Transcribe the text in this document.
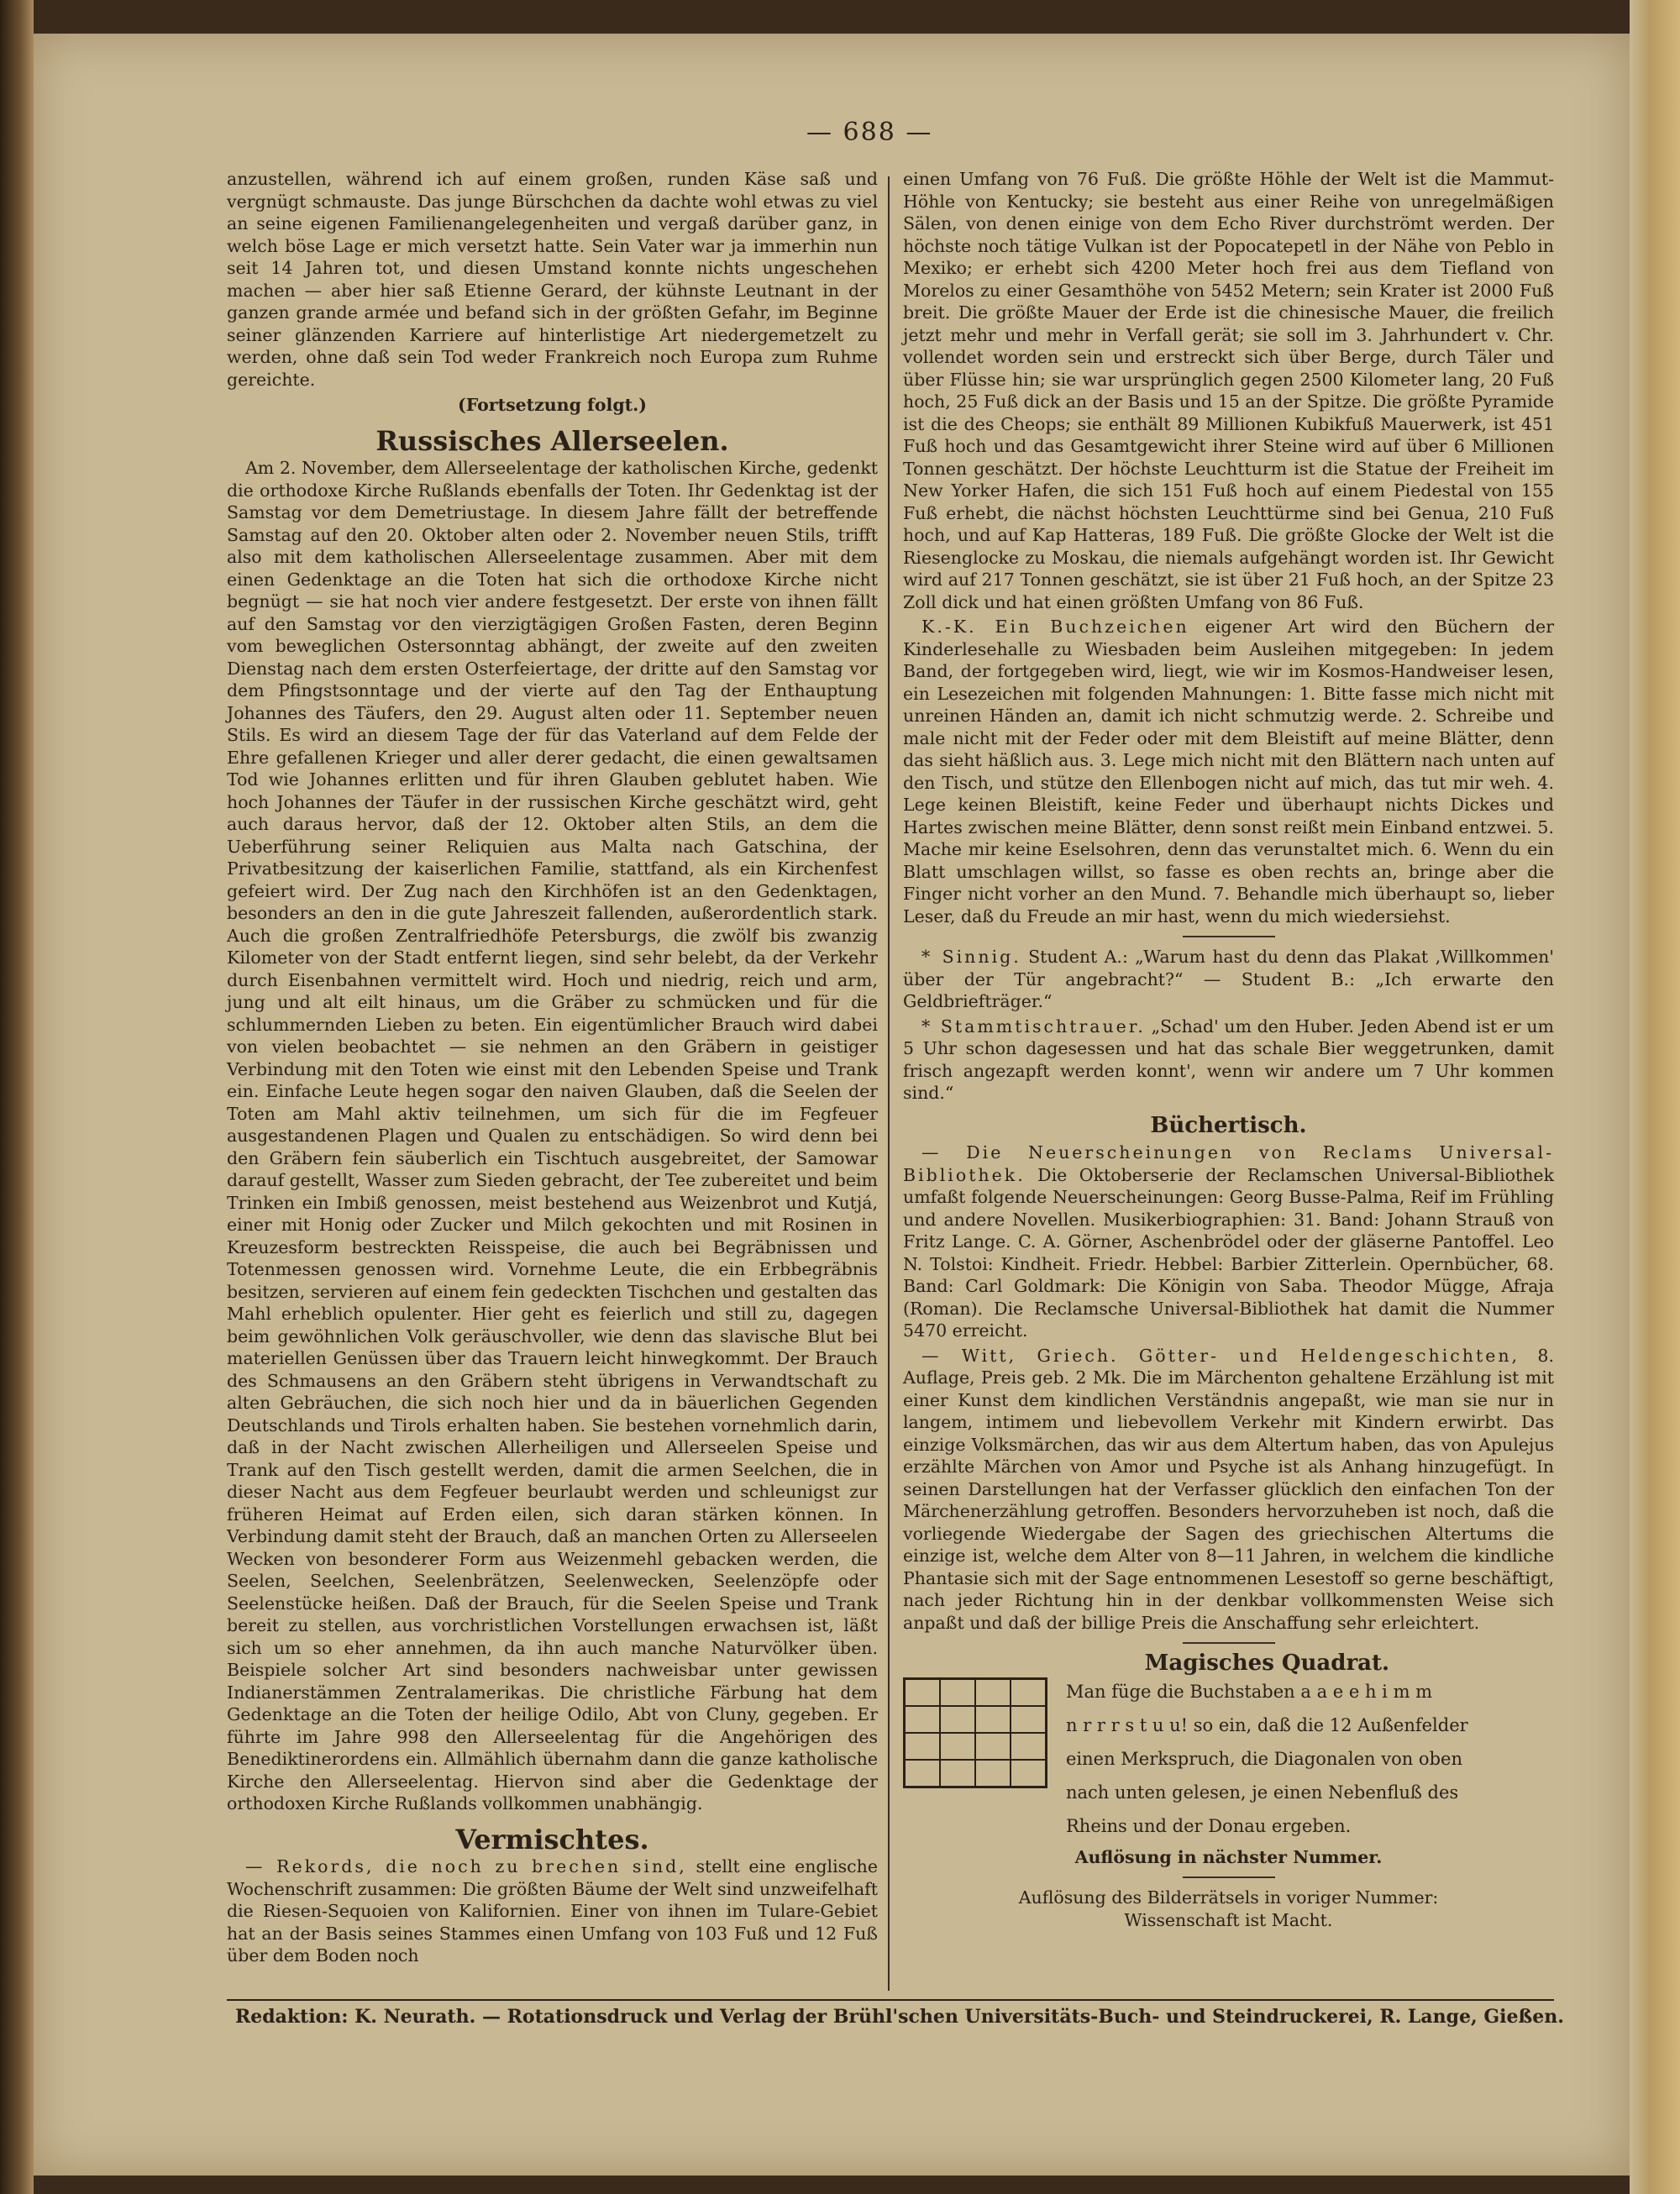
— 688 —

anzustellen, während ich auf einem großen, runden Käse saß und vergnügt schmauste. Das junge Bürschchen da dachte wohl etwas zu viel an seine eigenen Familienangelegenheiten und vergaß darüber ganz, in welch böse Lage er mich versetzt hatte. Sein Vater war ja immerhin nun seit 14 Jahren tot, und diesen Umstand konnte nichts ungeschehen machen — aber hier saß Etienne Gerard, der kühnste Leutnant in der ganzen grande armée und befand sich in der größten Gefahr, im Beginne seiner glänzenden Karriere auf hinterlistige Art niedergemetzelt zu werden, ohne daß sein Tod weder Frankreich noch Europa zum Ruhme gereichte.

(Fortsetzung folgt.)
Russisches Allerseelen.

Am 2. November, dem Allerseelentage der katholischen Kirche, gedenkt die orthodoxe Kirche Rußlands ebenfalls der Toten. Ihr Gedenktag ist der Samstag vor dem Demetriustage. In diesem Jahre fällt der betreffende Samstag auf den 20. Oktober alten oder 2. November neuen Stils, trifft also mit dem katholischen Allerseelentage zusammen. Aber mit dem einen Gedenktage an die Toten hat sich die orthodoxe Kirche nicht begnügt — sie hat noch vier andere festgesetzt. Der erste von ihnen fällt auf den Samstag vor den vierzigtägigen Großen Fasten, deren Beginn vom beweglichen Ostersonntag abhängt, der zweite auf den zweiten Dienstag nach dem ersten Osterfeiertage, der dritte auf den Samstag vor dem Pfingstsonntage und der vierte auf den Tag der Enthauptung Johannes des Täufers, den 29. August alten oder 11. September neuen Stils. Es wird an diesem Tage der für das Vaterland auf dem Felde der Ehre gefallenen Krieger und aller derer gedacht, die einen gewaltsamen Tod wie Johannes erlitten und für ihren Glauben geblutet haben. Wie hoch Johannes der Täufer in der russischen Kirche geschätzt wird, geht auch daraus hervor, daß der 12. Oktober alten Stils, an dem die Ueberführung seiner Reliquien aus Malta nach Gatschina, der Privatbesitzung der kaiserlichen Familie, stattfand, als ein Kirchenfest gefeiert wird. Der Zug nach den Kirchhöfen ist an den Gedenktagen, besonders an den in die gute Jahreszeit fallenden, außerordentlich stark. Auch die großen Zentralfriedhöfe Petersburgs, die zwölf bis zwanzig Kilometer von der Stadt entfernt liegen, sind sehr belebt, da der Verkehr durch Eisenbahnen vermittelt wird. Hoch und niedrig, reich und arm, jung und alt eilt hinaus, um die Gräber zu schmücken und für die schlummernden Lieben zu beten. Ein eigentümlicher Brauch wird dabei von vielen beobachtet — sie nehmen an den Gräbern in geistiger Verbindung mit den Toten wie einst mit den Lebenden Speise und Trank ein. Einfache Leute hegen sogar den naiven Glauben, daß die Seelen der Toten am Mahl aktiv teilnehmen, um sich für die im Fegfeuer ausgestandenen Plagen und Qualen zu entschädigen. So wird denn bei den Gräbern fein säuberlich ein Tischtuch ausgebreitet, der Samowar darauf gestellt, Wasser zum Sieden gebracht, der Tee zubereitet und beim Trinken ein Imbiß genossen, meist bestehend aus Weizenbrot und Kutjá, einer mit Honig oder Zucker und Milch gekochten und mit Rosinen in Kreuzesform bestreckten Reisspeise, die auch bei Begräbnissen und Totenmessen genossen wird. Vornehme Leute, die ein Erbbegräbnis besitzen, servieren auf einem fein gedeckten Tischchen und gestalten das Mahl erheblich opulenter. Hier geht es feierlich und still zu, dagegen beim gewöhnlichen Volk geräuschvoller, wie denn das slavische Blut bei materiellen Genüssen über das Trauern leicht hinwegkommt. Der Brauch des Schmausens an den Gräbern steht übrigens in Verwandtschaft zu alten Gebräuchen, die sich noch hier und da in bäuerlichen Gegenden Deutschlands und Tirols erhalten haben. Sie bestehen vornehmlich darin, daß in der Nacht zwischen Allerheiligen und Allerseelen Speise und Trank auf den Tisch gestellt werden, damit die armen Seelchen, die in dieser Nacht aus dem Fegfeuer beurlaubt werden und schleunigst zur früheren Heimat auf Erden eilen, sich daran stärken können. In Verbindung damit steht der Brauch, daß an manchen Orten zu Allerseelen Wecken von besonderer Form aus Weizenmehl gebacken werden, die Seelen, Seelchen, Seelenbrätzen, Seelenwecken, Seelenzöpfe oder Seelenstücke heißen. Daß der Brauch, für die Seelen Speise und Trank bereit zu stellen, aus vorchristlichen Vorstellungen erwachsen ist, läßt sich um so eher annehmen, da ihn auch manche Naturvölker üben. Beispiele solcher Art sind besonders nachweisbar unter gewissen Indianerstämmen Zentralamerikas. Die christliche Färbung hat dem Gedenktage an die Toten der heilige Odilo, Abt von Cluny, gegeben. Er führte im Jahre 998 den Allerseelentag für die Angehörigen des Benediktinerordens ein. Allmählich übernahm dann die ganze katholische Kirche den Allerseelentag. Hiervon sind aber die Gedenktage der orthodoxen Kirche Rußlands vollkommen unabhängig.

Vermischtes.

— Rekords, die noch zu brechen sind, stellt eine englische Wochenschrift zusammen: Die größten Bäume der Welt sind unzweifelhaft die Riesen-Sequoien von Kalifornien. Einer von ihnen im Tulare-Gebiet hat an der Basis seines Stammes einen Umfang von 103 Fuß und 12 Fuß über dem Boden noch

einen Umfang von 76 Fuß. Die größte Höhle der Welt ist die Mammut-Höhle von Kentucky; sie besteht aus einer Reihe von unregelmäßigen Sälen, von denen einige von dem Echo River durchströmt werden. Der höchste noch tätige Vulkan ist der Popocatepetl in der Nähe von Peblo in Mexiko; er erhebt sich 4200 Meter hoch frei aus dem Tiefland von Morelos zu einer Gesamthöhe von 5452 Metern; sein Krater ist 2000 Fuß breit. Die größte Mauer der Erde ist die chinesische Mauer, die freilich jetzt mehr und mehr in Verfall gerät; sie soll im 3. Jahrhundert v. Chr. vollendet worden sein und erstreckt sich über Berge, durch Täler und über Flüsse hin; sie war ursprünglich gegen 2500 Kilometer lang, 20 Fuß hoch, 25 Fuß dick an der Basis und 15 an der Spitze. Die größte Pyramide ist die des Cheops; sie enthält 89 Millionen Kubikfuß Mauerwerk, ist 451 Fuß hoch und das Gesamtgewicht ihrer Steine wird auf über 6 Millionen Tonnen geschätzt. Der höchste Leuchtturm ist die Statue der Freiheit im New Yorker Hafen, die sich 151 Fuß hoch auf einem Piedestal von 155 Fuß erhebt, die nächst höchsten Leuchttürme sind bei Genua, 210 Fuß hoch, und auf Kap Hatteras, 189 Fuß. Die größte Glocke der Welt ist die Riesenglocke zu Moskau, die niemals aufgehängt worden ist. Ihr Gewicht wird auf 217 Tonnen geschätzt, sie ist über 21 Fuß hoch, an der Spitze 23 Zoll dick und hat einen größten Umfang von 86 Fuß.

K.-K. Ein Buchzeichen eigener Art wird den Büchern der Kinderlesehalle zu Wiesbaden beim Ausleihen mitgegeben: In jedem Band, der fortgegeben wird, liegt, wie wir im Kosmos-Handweiser lesen, ein Lesezeichen mit folgenden Mahnungen: 1. Bitte fasse mich nicht mit unreinen Händen an, damit ich nicht schmutzig werde. 2. Schreibe und male nicht mit der Feder oder mit dem Bleistift auf meine Blätter, denn das sieht häßlich aus. 3. Lege mich nicht mit den Blättern nach unten auf den Tisch, und stütze den Ellenbogen nicht auf mich, das tut mir weh. 4. Lege keinen Bleistift, keine Feder und überhaupt nichts Dickes und Hartes zwischen meine Blätter, denn sonst reißt mein Einband entzwei. 5. Mache mir keine Eselsohren, denn das verunstaltet mich. 6. Wenn du ein Blatt umschlagen willst, so fasse es oben rechts an, bringe aber die Finger nicht vorher an den Mund. 7. Behandle mich überhaupt so, lieber Leser, daß du Freude an mir hast, wenn du mich wiedersiehst.

* Sinnig. Student A.: „Warum hast du denn das Plakat ‚Willkommen' über der Tür angebracht?“ — Student B.: „Ich erwarte den Geldbriefträger.“

* Stammtischtrauer. „Schad' um den Huber. Jeden Abend ist er um 5 Uhr schon dagesessen und hat das schale Bier weggetrunken, damit frisch angezapft werden konnt', wenn wir andere um 7 Uhr kommen sind.“

Büchertisch.

— Die Neuerscheinungen von Reclams Universal-Bibliothek. Die Oktoberserie der Reclamschen Universal-Bibliothek umfaßt folgende Neuerscheinungen: Georg Busse-Palma, Reif im Frühling und andere Novellen. Musikerbiographien: 31. Band: Johann Strauß von Fritz Lange. C. A. Görner, Aschenbrödel oder der gläserne Pantoffel. Leo N. Tolstoi: Kindheit. Friedr. Hebbel: Barbier Zitterlein. Opernbücher, 68. Band: Carl Goldmark: Die Königin von Saba. Theodor Mügge, Afraja (Roman). Die Reclamsche Universal-Bibliothek hat damit die Nummer 5470 erreicht.

— Witt, Griech. Götter- und Heldengeschichten, 8. Auflage, Preis geb. 2 Mk. Die im Märchenton gehaltene Erzählung ist mit einer Kunst dem kindlichen Verständnis angepaßt, wie man sie nur in langem, intimem und liebevollem Verkehr mit Kindern erwirbt. Das einzige Volksmärchen, das wir aus dem Altertum haben, das von Apulejus erzählte Märchen von Amor und Psyche ist als Anhang hinzugefügt. In seinen Darstellungen hat der Verfasser glücklich den einfachen Ton der Märchenerzählung getroffen. Besonders hervorzuheben ist noch, daß die vorliegende Wiedergabe der Sagen des griechischen Altertums die einzige ist, welche dem Alter von 8—11 Jahren, in welchem die kindliche Phantasie sich mit der Sage entnommenen Lesestoff so gerne beschäftigt, nach jeder Richtung hin in der denkbar vollkommensten Weise sich anpaßt und daß der billige Preis die Anschaffung sehr erleichtert.

Magisches Quadrat.

Man füge die Buchstaben a a e e h i m m

n r r r s t u u! so ein, daß die 12 Außenfelder

einen Merkspruch, die Diagonalen von oben

nach unten gelesen, je einen Nebenfluß des

Rheins und der Donau ergeben.

Auflösung in nächster Nummer.
Auflösung des Bilderrätsels in voriger Nummer:
Wissenschaft ist Macht.
Redaktion: K. Neurath. — Rotationsdruck und Verlag der Brühl'schen Universitäts-Buch- und Steindruckerei, R. Lange, Gießen.
